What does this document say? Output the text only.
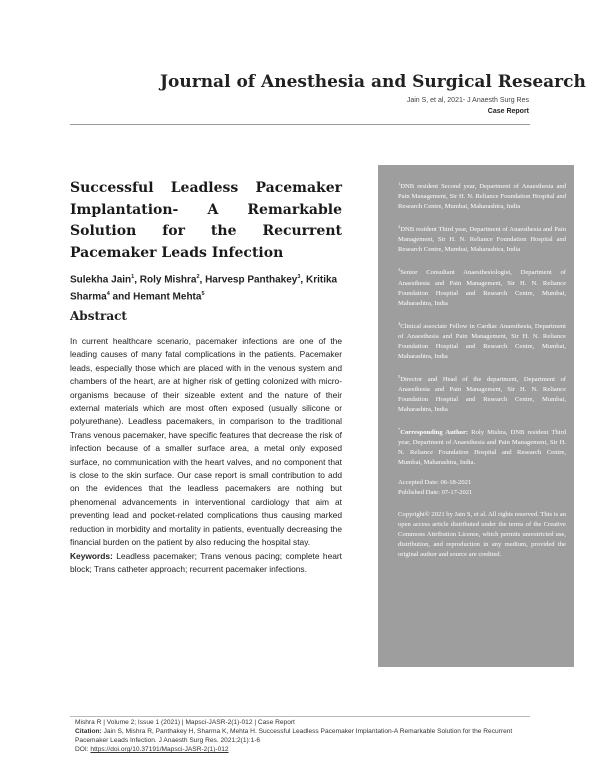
Journal of Anesthesia and Surgical Research
Jain S, et al, 2021- J Anaesth Surg Res
Case Report
Successful Leadless Pacemaker Implantation- A Remarkable Solution for the Recurrent Pacemaker Leads Infection
Sulekha Jain$^1$, Roly Mishra$^2$, Harvesp Panthakey$^3$, Kritika Sharma$^4$ and Hemant Mehta$^5$
Abstract
In current healthcare scenario, pacemaker infections are one of the leading causes of many fatal complications in the patients. Pacemaker leads, especially those which are placed with in the venous system and chambers of the heart, are at higher risk of getting colonized with micro-organisms because of their sizeable extent and the nature of their external materials which are most often exposed (usually silicone or polyurethane). Leadless pacemakers, in comparison to the traditional Trans venous pacemaker, have specific features that decrease the risk of infection because of a smaller surface area, a metal only exposed surface, no communication with the heart valves, and no component that is close to the skin surface. Our case report is small contribution to add on the evidences that the leadless pacemakers are nothing but phenomenal advancements in interventional cardiology that aim at preventing lead and pocket-related complications thus causing marked reduction in morbidity and mortality in patients, eventually decreasing the financial burden on the patient by also reducing the hospital stay.
Keywords: Leadless pacemaker; Trans venous pacing; complete heart block; Trans catheter approach; recurrent pacemaker infections.
$^1$DNB resident Second year, Department of Anaesthesia and Pain Management, Sir H. N. Reliance Foundation Hospital and Research Centre, Mumbai, Maharashtra, India
$^2$DNB resident Third year, Department of Anaesthesia and Pain Management, Sir H. N. Reliance Foundation Hospital and Research Centre, Mumbai, Maharashtra, India
$^3$Senior Consultant Anaesthesiologist, Department of Anaesthesia and Pain Management, Sir H. N. Reliance Foundation Hospital and Research Centre, Mumbai, Maharashtra, India
$^4$Clinical associate Fellow in Cardiac Anaesthesia, Department of Anaesthesia and Pain Management, Sir H. N. Reliance Foundation Hospital and Research Centre, Mumbai, Maharashtra, India
$^5$Director and Head of the department, Department of Anaesthesia and Pain Management, Sir H. N. Reliance Foundation Hospital and Research Centre, Mumbai, Maharashtra, India
*Corresponding Author: Roly Mishra, DNB resident Third year, Department of Anaesthesia and Pain Management, Sir H. N. Reliance Foundation Hospital and Research Centre, Mumbai, Maharashtra, India.
Accepted Date: 06-18-2021
Published Date: 07-17-2021
Copyright© 2021 by Jain S, et al. All rights reserved. This is an open access article distributed under the terms of the Creative Commons Attribution License, which permits unrestricted use, distribution, and reproduction in any medium, provided the original author and source are credited.
Mishra R | Volume 2; Issue 1 (2021) | Mapsci-JASR-2(1)-012 | Case Report
Citation: Jain S, Mishra R, Panthakey H, Sharma K, Mehta H. Successful Leadless Pacemaker Implantation-A Remarkable Solution for the Recurrent Pacemaker Leads Infection. J Anaesth Surg Res. 2021;2(1):1-6
DOI: https://doi.org/10.37191/Mapsci-JASR-2(1)-012
